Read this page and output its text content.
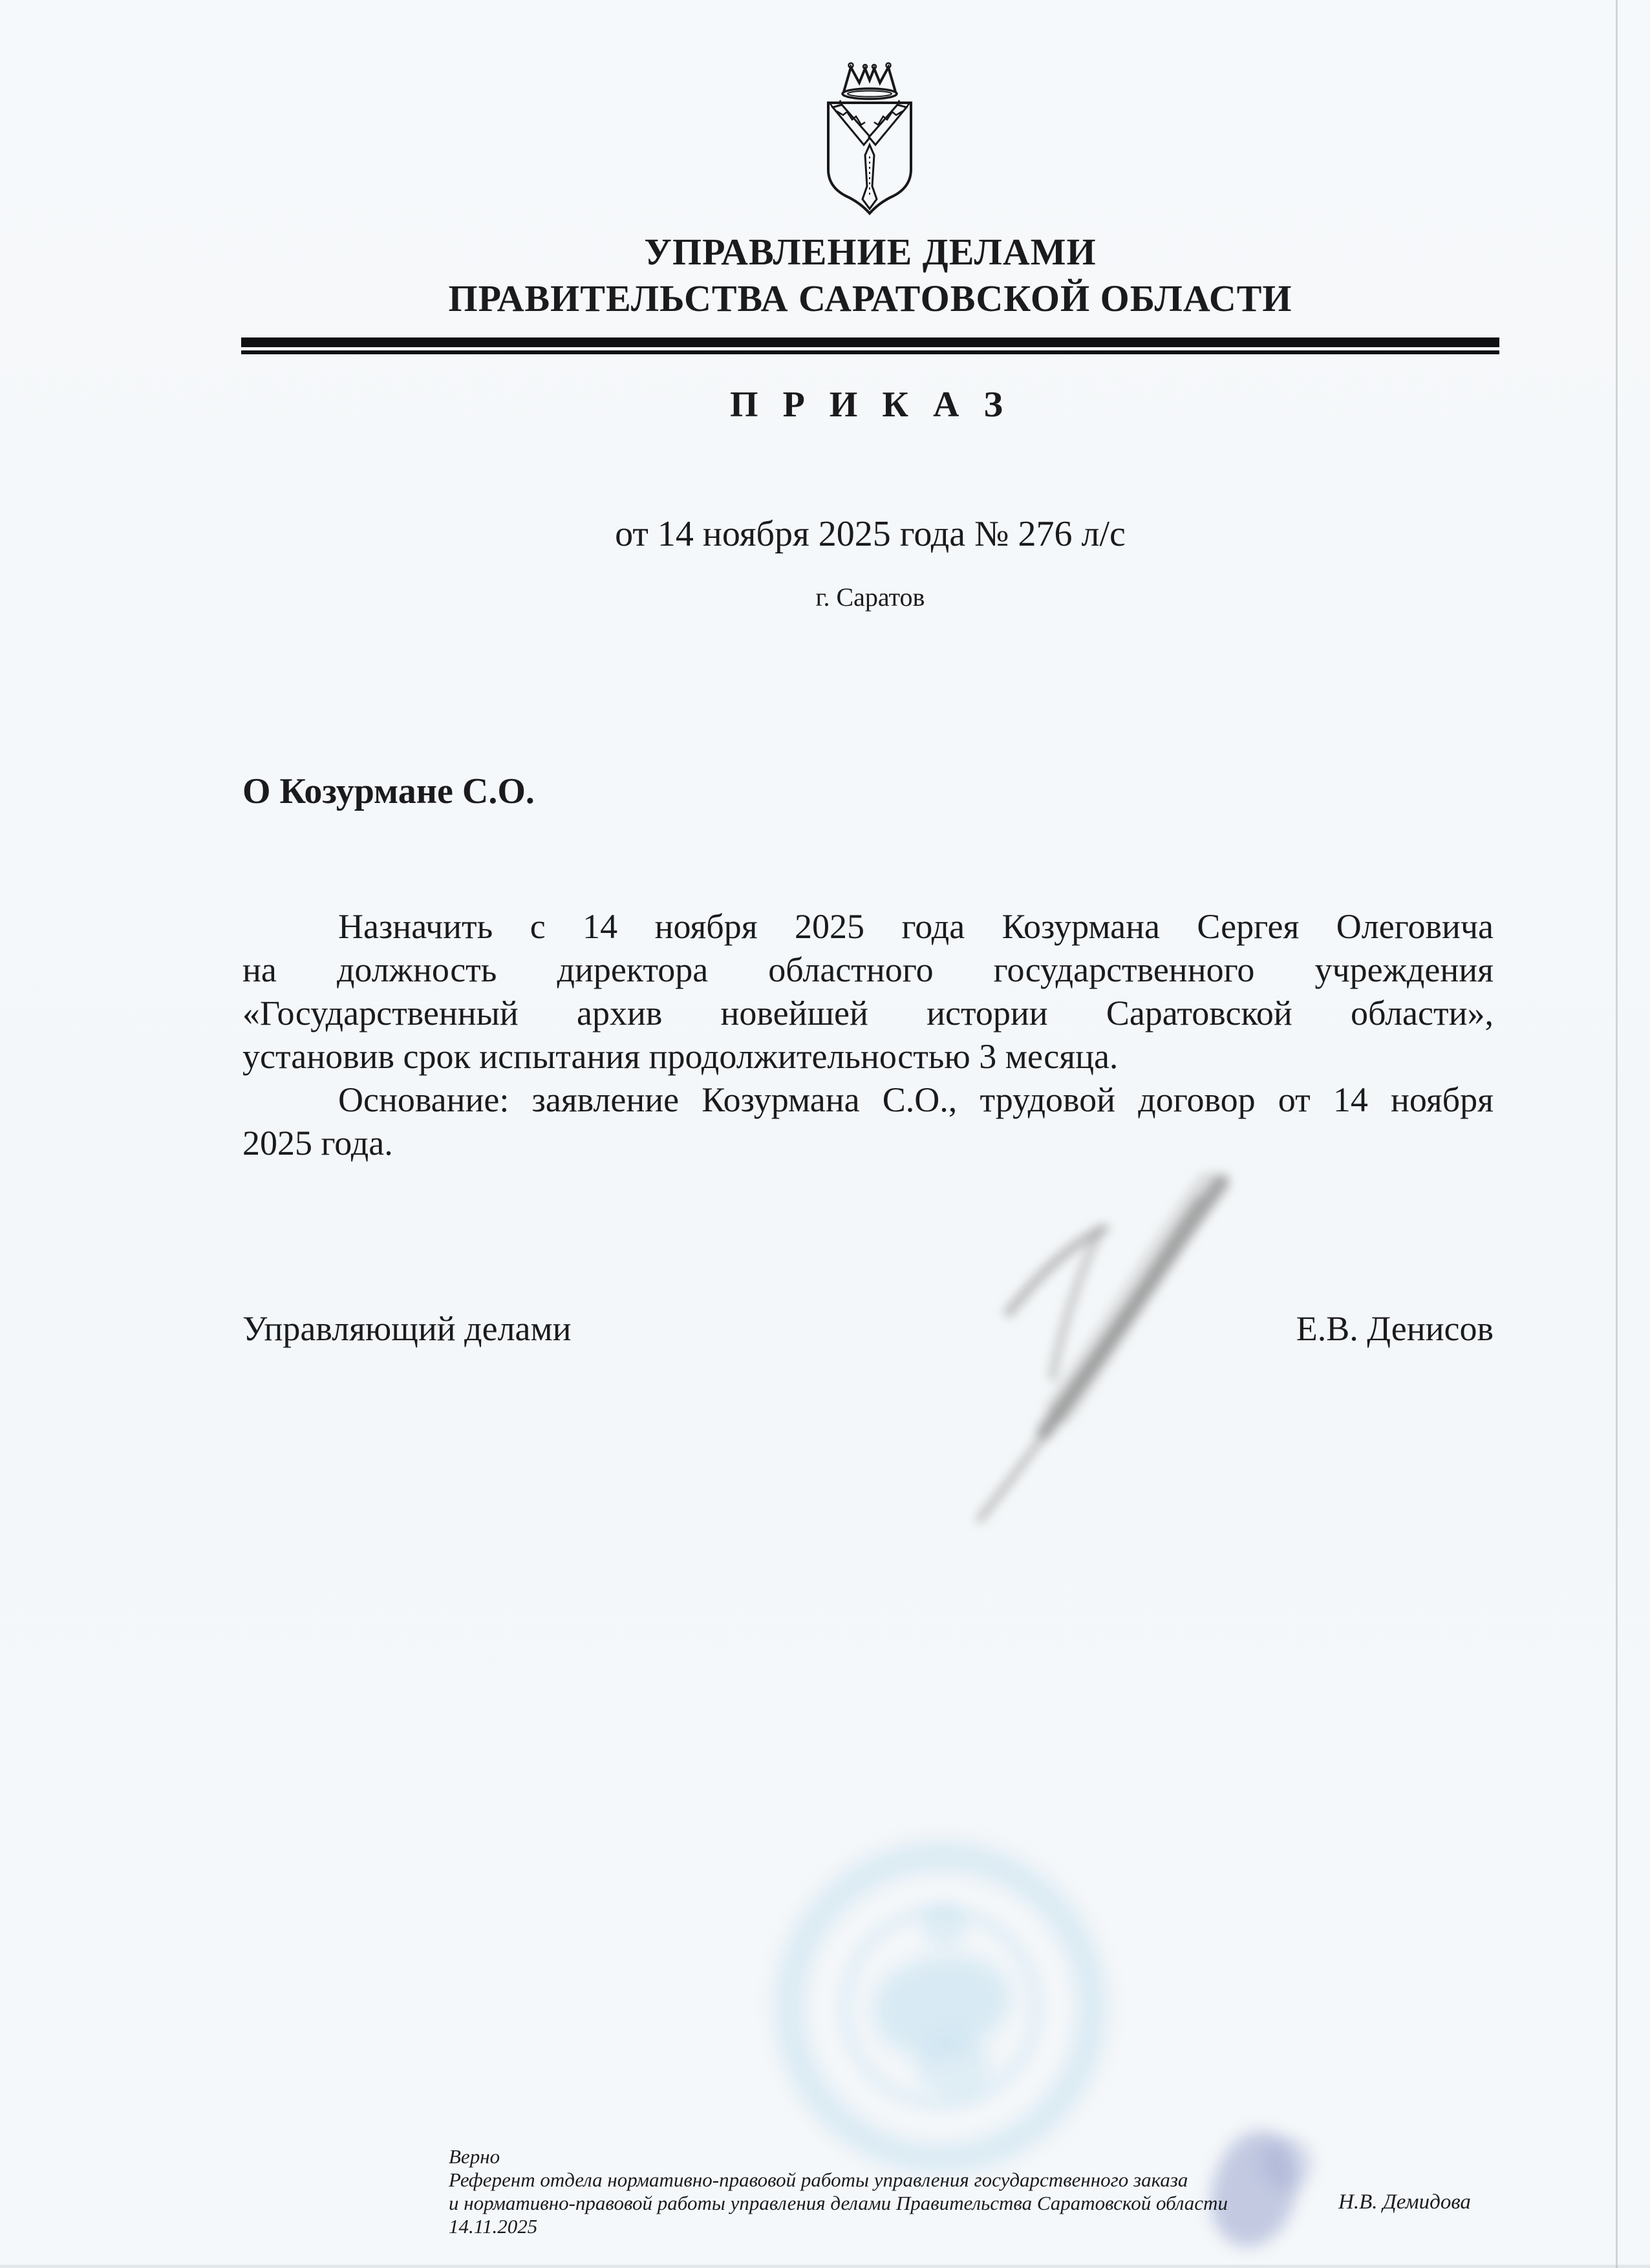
УПРАВЛЕНИЕ ДЕЛАМИ
ПРАВИТЕЛЬСТВА САРАТОВСКОЙ ОБЛАСТИ
П Р И К А З
от 14 ноября 2025 года № 276 л/с
г. Саратов
О Козурмане С.О.
Назначить с 14 ноября 2025 года Козурмана Сергея Олеговича
на должность директора областного государственного учреждения
«Государственный архив новейшей истории Саратовской области»,
установив срок испытания продолжительностью 3 месяца.
Основание: заявление Козурмана С.О., трудовой договор от 14 ноября
2025 года.
Управляющий делами	Е.В. Денисов
Верно
Референт отдела нормативно-правовой работы управления государственного заказа
и нормативно-правовой работы управления делами Правительства Саратовской области
14.11.2025
Н.В. Демидова
